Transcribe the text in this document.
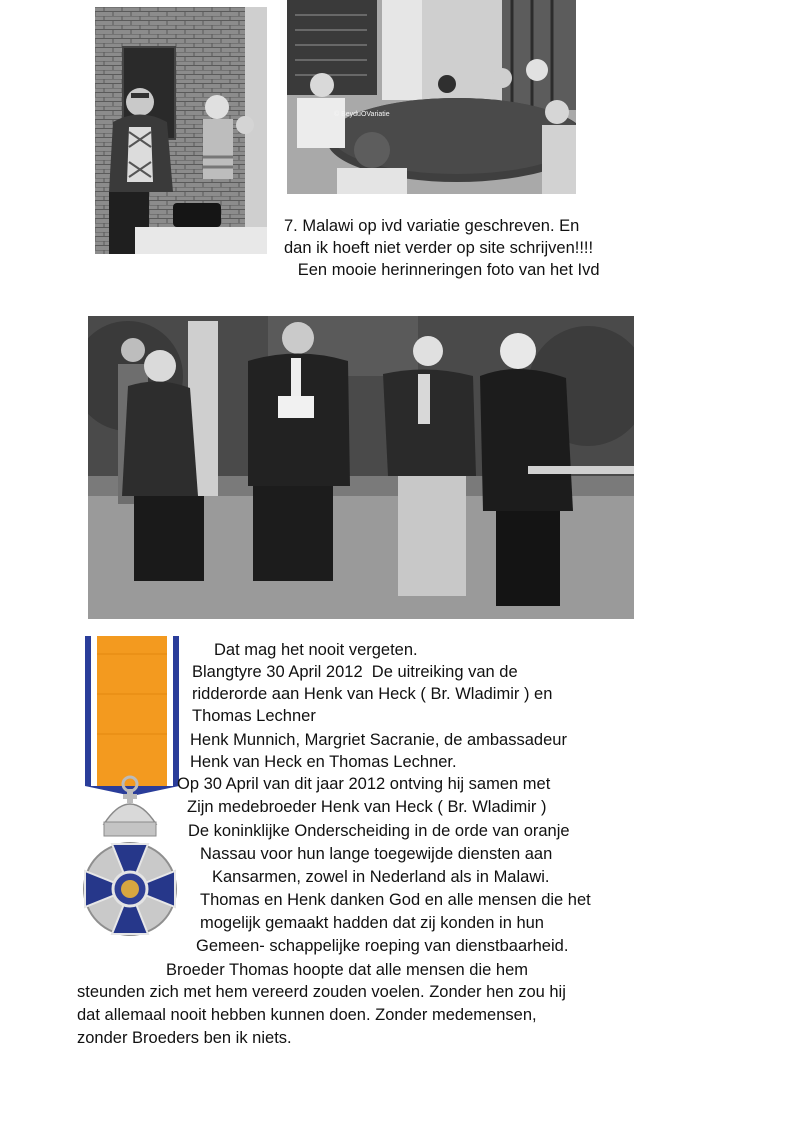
© BeyduOVariatie
7. Malawi op ivd variatie geschreven. En
dan ik hoeft niet verder op site schrijven!!!!
Een mooie herinneringen foto van het Ivd
Dat mag het nooit vergeten.
Blangtyre 30 April 2012  De uitreiking van de
ridderorde aan Henk van Heck ( Br. Wladimir ) en
Thomas Lechner
Henk Munnich, Margriet Sacranie, de ambassadeur
Henk van Heck en Thomas Lechner.
Op 30 April van dit jaar 2012 ontving hij samen met
Zijn medebroeder Henk van Heck ( Br. Wladimir )
De koninklijke Onderscheiding in de orde van oranje
Nassau voor hun lange toegewijde diensten aan
Kansarmen, zowel in Nederland als in Malawi.
Thomas en Henk danken God en alle mensen die het
mogelijk gemaakt hadden dat zij konden in hun
Gemeen- schappelijke roeping van dienstbaarheid.
Broeder Thomas hoopte dat alle mensen die hem
steunden zich met hem vereerd zouden voelen. Zonder hen zou hij
dat allemaal nooit hebben kunnen doen. Zonder medemensen,
zonder Broeders ben ik niets.
